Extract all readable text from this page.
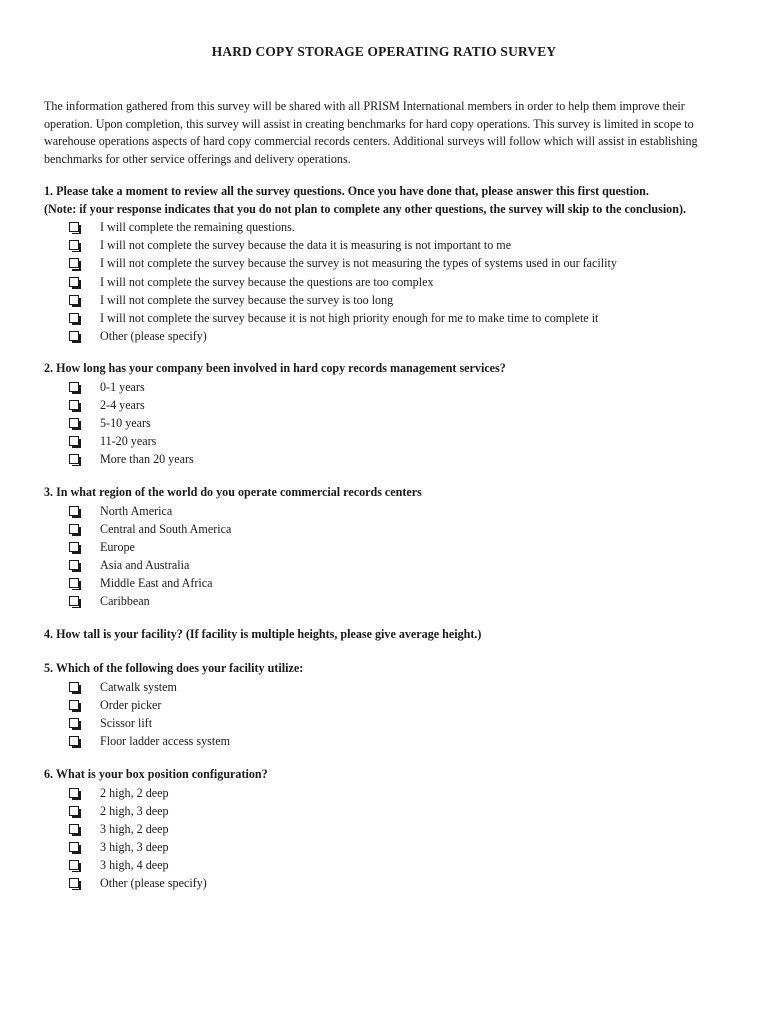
HARD COPY STORAGE OPERATING RATIO SURVEY

The information gathered from this survey will be shared with all PRISM International members in order to help them improve their operation. Upon completion, this survey will assist in creating benchmarks for hard copy operations. This survey is limited in scope to warehouse operations aspects of hard copy commercial records centers. Additional surveys will follow which will assist in establishing benchmarks for other service offerings and delivery operations.

1. Please take a moment to review all the survey questions. Once you have done that, please answer this first question.
(Note: if your response indicates that you do not plan to complete any other questions, the survey will skip to the conclusion).

I will complete the remaining questions.
I will not complete the survey because the data it is measuring is not important to me
I will not complete the survey because the survey is not measuring the types of systems used in our facility
I will not complete the survey because the questions are too complex
I will not complete the survey because the survey is too long
I will not complete the survey because it is not high priority enough for me to make time to complete it
Other (please specify)

2. How long has your company been involved in hard copy records management services?

0-1 years
2-4 years
5-10 years
11-20 years
More than 20 years

3. In what region of the world do you operate commercial records centers

North America
Central and South America
Europe
Asia and Australia
Middle East and Africa
Caribbean

4. How tall is your facility? (If facility is multiple heights, please give average height.)

5. Which of the following does your facility utilize:

Catwalk system
Order picker
Scissor lift
Floor ladder access system

6. What is your box position configuration?

2 high, 2 deep
2 high, 3 deep
3 high, 2 deep
3 high, 3 deep
3 high, 4 deep
Other (please specify)
